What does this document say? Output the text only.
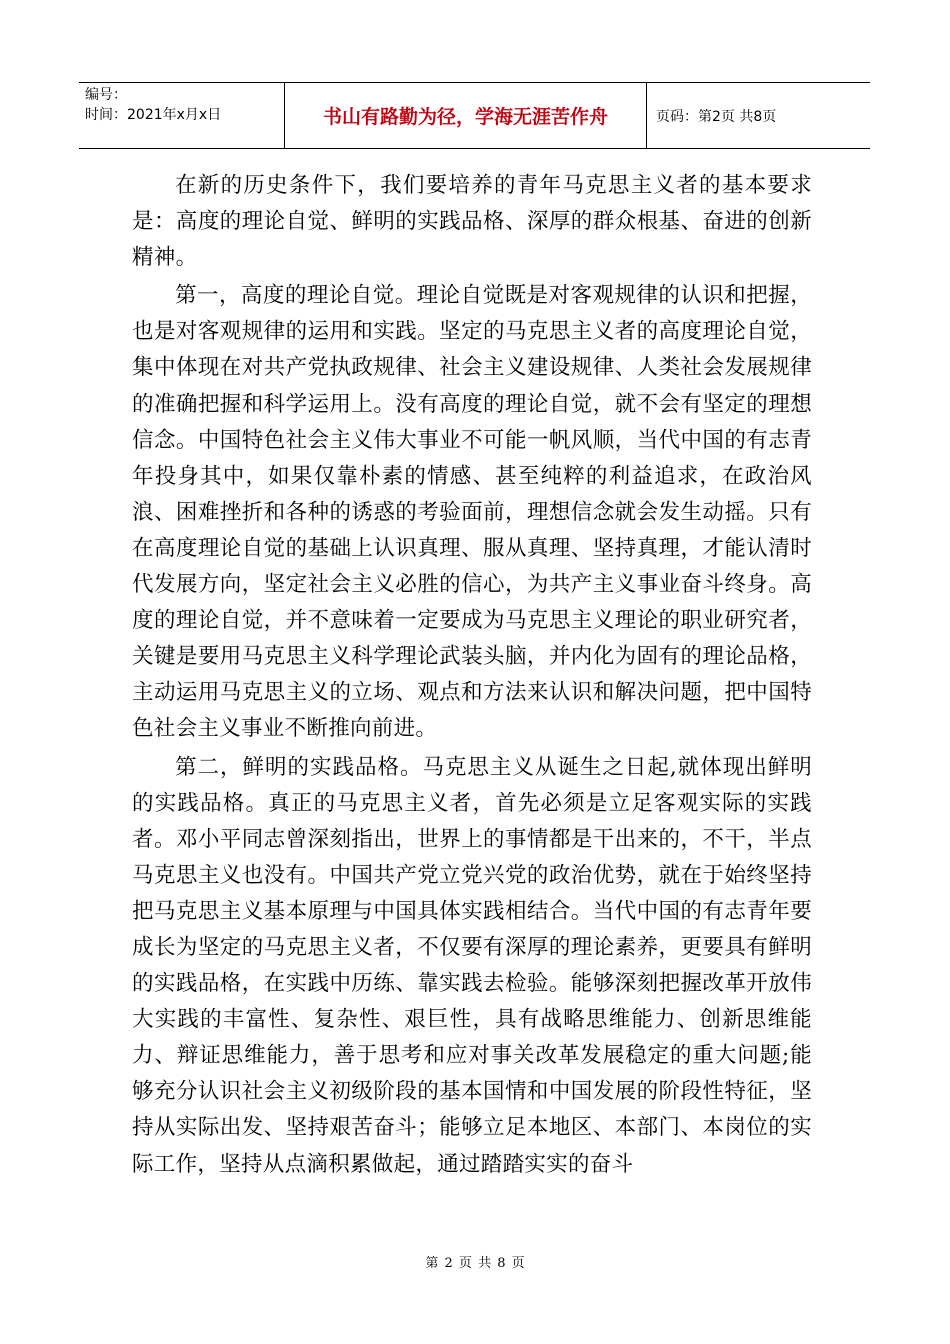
编号：
时间：2021年x月x日	书山有路勤为径，学海无涯苦作舟	页码：第2页 共8页

在新的历史条件下，我们要培养的青年马克思主义者的基本要求是：高度的理论自觉、鲜明的实践品格、深厚的群众根基、奋进的创新精神。

第一，高度的理论自觉。理论自觉既是对客观规律的认识和把握，也是对客观规律的运用和实践。坚定的马克思主义者的高度理论自觉，集中体现在对共产党执政规律、社会主义建设规律、人类社会发展规律的准确把握和科学运用上。没有高度的理论自觉，就不会有坚定的理想信念。中国特色社会主义伟大事业不可能一帆风顺，当代中国的有志青年投身其中，如果仅靠朴素的情感、甚至纯粹的利益追求，在政治风浪、困难挫折和各种的诱惑的考验面前，理想信念就会发生动摇。只有在高度理论自觉的基础上认识真理、服从真理、坚持真理，才能认清时代发展方向，坚定社会主义必胜的信心，为共产主义事业奋斗终身。高度的理论自觉，并不意味着一定要成为马克思主义理论的职业研究者，关键是要用马克思主义科学理论武装头脑，并内化为固有的理论品格，主动运用马克思主义的立场、观点和方法来认识和解决问题，把中国特色社会主义事业不断推向前进。

第二，鲜明的实践品格。马克思主义从诞生之日起,就体现出鲜明的实践品格。真正的马克思主义者，首先必须是立足客观实际的实践者。邓小平同志曾深刻指出，世界上的事情都是干出来的，不干，半点马克思主义也没有。中国共产党立党兴党的政治优势，就在于始终坚持把马克思主义基本原理与中国具体实践相结合。当代中国的有志青年要成长为坚定的马克思主义者，不仅要有深厚的理论素养，更要具有鲜明的实践品格，在实践中历练、靠实践去检验。能够深刻把握改革开放伟大实践的丰富性、复杂性、艰巨性，具有战略思维能力、创新思维能力、辩证思维能力，善于思考和应对事关改革发展稳定的重大问题;能够充分认识社会主义初级阶段的基本国情和中国发展的阶段性特征，坚持从实际出发、坚持艰苦奋斗；能够立足本地区、本部门、本岗位的实际工作，坚持从点滴积累做起，通过踏踏实实的奋斗

第 2 页 共 8 页
